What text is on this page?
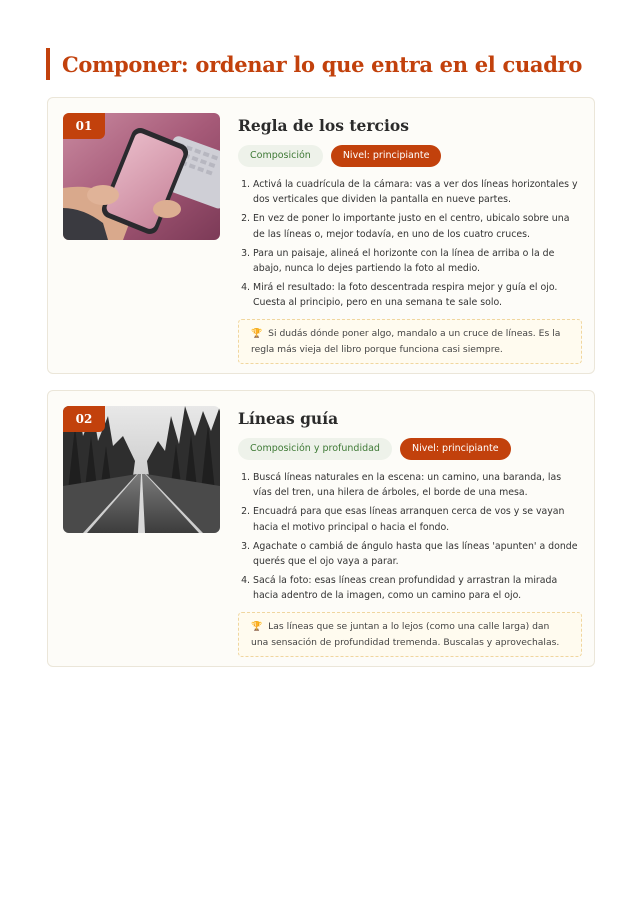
Componer: ordenar lo que entra en el cuadro
01	Regla de los tercios
Composición	Nivel: principiante
1. Activá la cuadrícula de la cámara: vas a ver dos líneas horizontales y dos verticales que dividen la pantalla en nueve partes.
2. En vez de poner lo importante justo en el centro, ubicalo sobre una de las líneas o, mejor todavía, en uno de los cuatro cruces.
3. Para un paisaje, alineá el horizonte con la línea de arriba o la de abajo, nunca lo dejes partiendo la foto al medio.
4. Mirá el resultado: la foto descentrada respira mejor y guía el ojo. Cuesta al principio, pero en una semana te sale solo.
🏆 Si dudás dónde poner algo, mandalo a un cruce de líneas. Es la regla más vieja del libro porque funciona casi siempre.
02	Líneas guía
Composición y profundidad	Nivel: principiante
1. Buscá líneas naturales en la escena: un camino, una baranda, las vías del tren, una hilera de árboles, el borde de una mesa.
2. Encuadrá para que esas líneas arranquen cerca de vos y se vayan hacia el motivo principal o hacia el fondo.
3. Agachate o cambiá de ángulo hasta que las líneas 'apunten' a donde querés que el ojo vaya a parar.
4. Sacá la foto: esas líneas crean profundidad y arrastran la mirada hacia adentro de la imagen, como un camino para el ojo.
🏆 Las líneas que se juntan a lo lejos (como una calle larga) dan una sensación de profundidad tremenda. Buscalas y aprovechalas.
